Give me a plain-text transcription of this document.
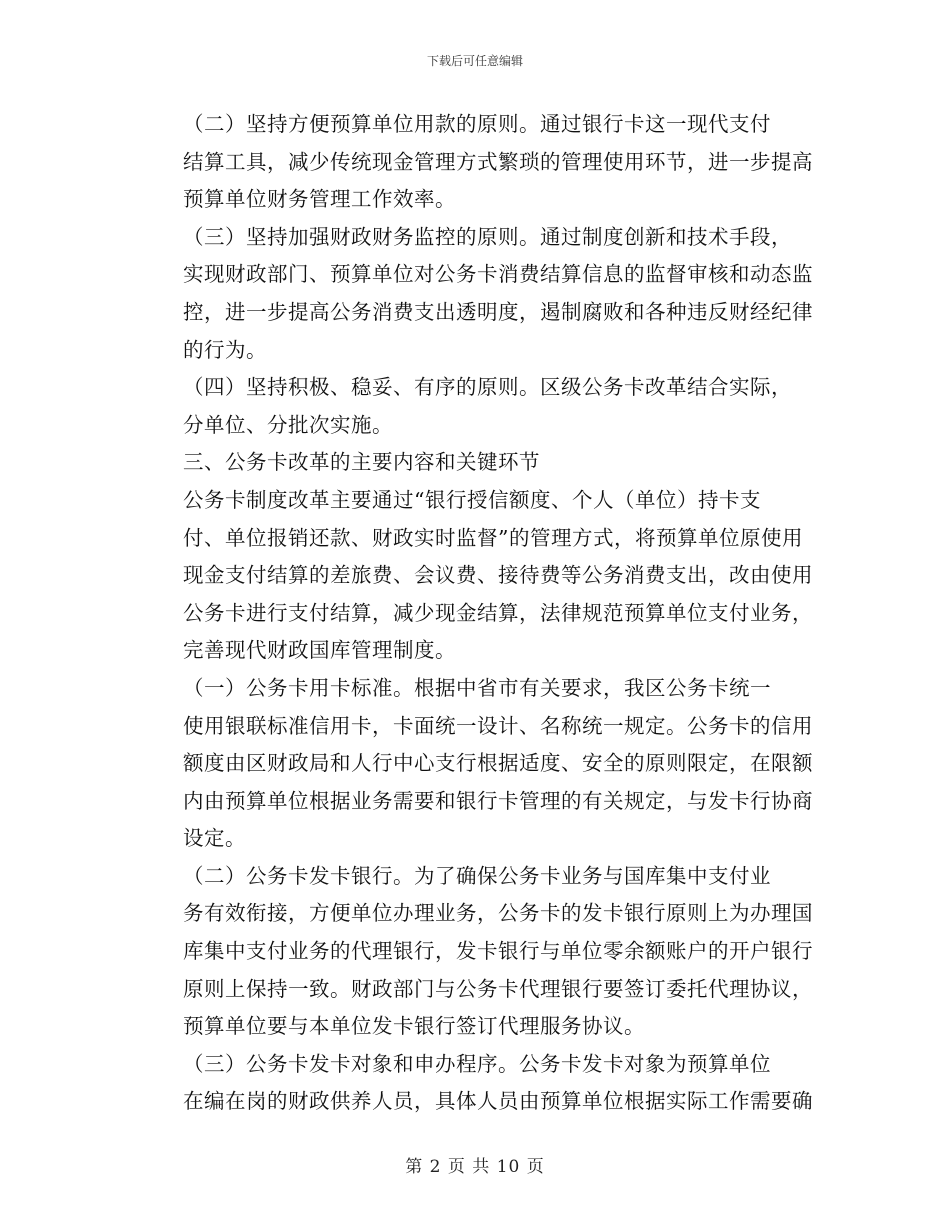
下载后可任意编辑

（二）坚持方便预算单位用款的原则。通过银行卡这一现代支付
结算工具，减少传统现金管理方式繁琐的管理使用环节，进一步提高
预算单位财务管理工作效率。

（三）坚持加强财政财务监控的原则。通过制度创新和技术手段，
实现财政部门、预算单位对公务卡消费结算信息的监督审核和动态监
控，进一步提高公务消费支出透明度，遏制腐败和各种违反财经纪律
的行为。

（四）坚持积极、稳妥、有序的原则。区级公务卡改革结合实际，
分单位、分批次实施。

三、公务卡改革的主要内容和关键环节

公务卡制度改革主要通过“银行授信额度、个人（单位）持卡支
付、单位报销还款、财政实时监督”的管理方式，将预算单位原使用
现金支付结算的差旅费、会议费、接待费等公务消费支出，改由使用
公务卡进行支付结算，减少现金结算，法律规范预算单位支付业务，
完善现代财政国库管理制度。

（一）公务卡用卡标准。根据中省市有关要求，我区公务卡统一
使用银联标准信用卡，卡面统一设计、名称统一规定。公务卡的信用
额度由区财政局和人行中心支行根据适度、安全的原则限定，在限额
内由预算单位根据业务需要和银行卡管理的有关规定，与发卡行协商
设定。

（二）公务卡发卡银行。为了确保公务卡业务与国库集中支付业
务有效衔接，方便单位办理业务，公务卡的发卡银行原则上为办理国
库集中支付业务的代理银行，发卡银行与单位零余额账户的开户银行
原则上保持一致。财政部门与公务卡代理银行要签订委托代理协议，
预算单位要与本单位发卡银行签订代理服务协议。

（三）公务卡发卡对象和申办程序。公务卡发卡对象为预算单位
在编在岗的财政供养人员，具体人员由预算单位根据实际工作需要确

第 2 页 共 10 页
